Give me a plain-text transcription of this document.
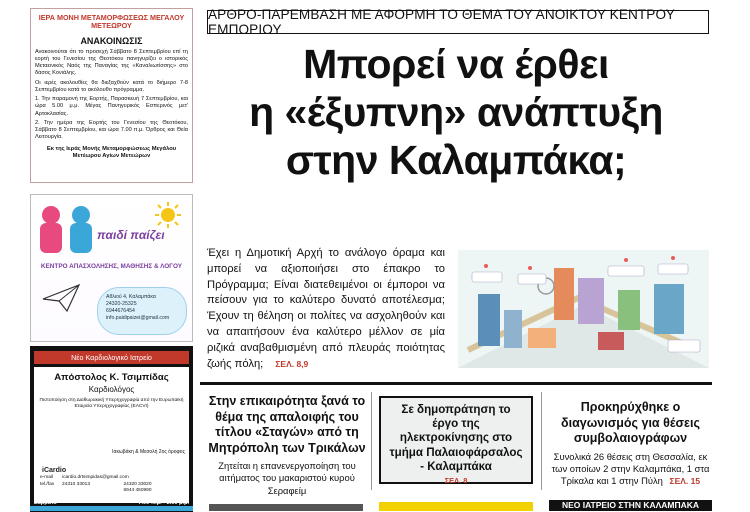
ΙΕΡΑ ΜΟΝΗ ΜΕΤΑΜΟΡΦΩΣΕΩΣ ΜΕΓΑΛΟΥ ΜΕΤΕΩΡΟΥ
ΑΝΑΚΟΙΝΩΣΙΣ

Ανακοινούται ότι το προσεχή Σάββατο 8 Σεπτεμβρίου επί τη εορτή του Γενεσίου της Θεοτόκου πανηγυρίζει ο ιστορικός Μεταεινικός Ναός της Παναγίας της «Καναλιωτίσσης» στο δάσος Κονιάλης.

Οι ιερές ακολουθίες θα διεξαχθούν κατά το διήμερο 7-8 Σεπτεμβρίου κατά το ακόλουθο πρόγραμμα.

1. Την παραμονή της Εορτής, Παρασκευή 7 Σεπτεμβρίου, και ώρα 5.00 μ.μ. Μέγας Πανηγυρικός Εσπερινός μετ' Αρτοκλασίας.

2. Την ημέρα της Εορτής του Γενεσίου της Θεοτόκου, Σάββατο 8 Σεπτεμβρίου, και ώρα 7.00 π.μ. Όρθρος και Θεία Λειτουργία.

Εκ της Ιεράς Μονής Μεταμορφώσεως Μεγάλου Μετέωρου Αγίων Μετεώρων
παιδί παίζει
ΚΕΝΤΡΟ ΑΠΑΣΧΟΛΗΣΗΣ, ΜΑΘΗΣΗΣ & ΛΟΓΟΥ
Αθλιού 4, Καλαμπάκα
24320-25325
6944676454
info.paidipaizei@gmail.com
Νέο Καρδιολογικό Ιατρείο
Απόστολος Κ. Τσιμπίδας
Καρδιολόγος
Πιστοποίηση στη Διαθωρακική Υπερηχογραφία από την Ευρωπαϊκή Εταιρεία Υπερηχογραφίας (EACVI)
Ιακωβάκη & Μεσολή 2ος όροφος
iCardio
e-mail	icardio.drtsimpidas@gmail.com
tel./fax	24310 33013	24320 33020
6944 450990
Καθημερινές	7.00 π.μ. - 9.00 μ.μ.
Σάββατο	7.00 π.μ. - 2.00 μ.μ.
ΑΡΘΡΟ-ΠΑΡΕΜΒΑΣΗ ΜΕ ΑΦΟΡΜΗ ΤΟ ΘΕΜΑ ΤΟΥ ΑΝΟΙΚΤΟΥ ΚΕΝΤΡΟΥ ΕΜΠΟΡΙΟΥ
Μπορεί να έρθει
η «έξυπνη» ανάπτυξη
στην Καλαμπάκα;
Έχει η Δημοτική Αρχή το ανάλογο όραμα και μπορεί να αξιοποιήσει στο έπακρο το Πρόγραμμα; Είναι διατεθειμένοι οι έμποροι να πείσουν για το καλύτερο δυνατό αποτέλεσμα; Έχουν τη θέληση οι πολίτες να ασχοληθούν και να απαιτήσουν ένα καλύτερο μέλλον σε μία ριζικά αναβαθμισμένη από πλευράς ποιότητας ζωής πόλη; ΣΕΛ. 8,9
Στην επικαιρότητα ξανά το θέμα της απαλοιφής του τίτλου «Σταγών» από τη Μητρόπολη των Τρικάλων

Ζητείται η επανενεργοποίηση του αιτήματος του μακαριστού κυρού Σεραφείμ

Σε δημοπράτηση το έργο της ηλεκτροκίνησης στο τμήμα Παλαιοφάρσαλος - Καλαμπάκα
ΣΕΛ. 8
Προκηρύχθηκε ο διαγωνισμός για θέσεις συμβολαιογράφων

Συνολικά 26 θέσεις στη Θεσσαλία, εκ των οποίων 2 στην Καλαμπάκα, 1 στα Τρίκαλα και 1 στην Πύλη ΣΕΛ. 15

ΝΕΟ ΙΑΤΡΕΙΟ ΣΤΗΝ ΚΑΛΑΜΠΑΚΑ
